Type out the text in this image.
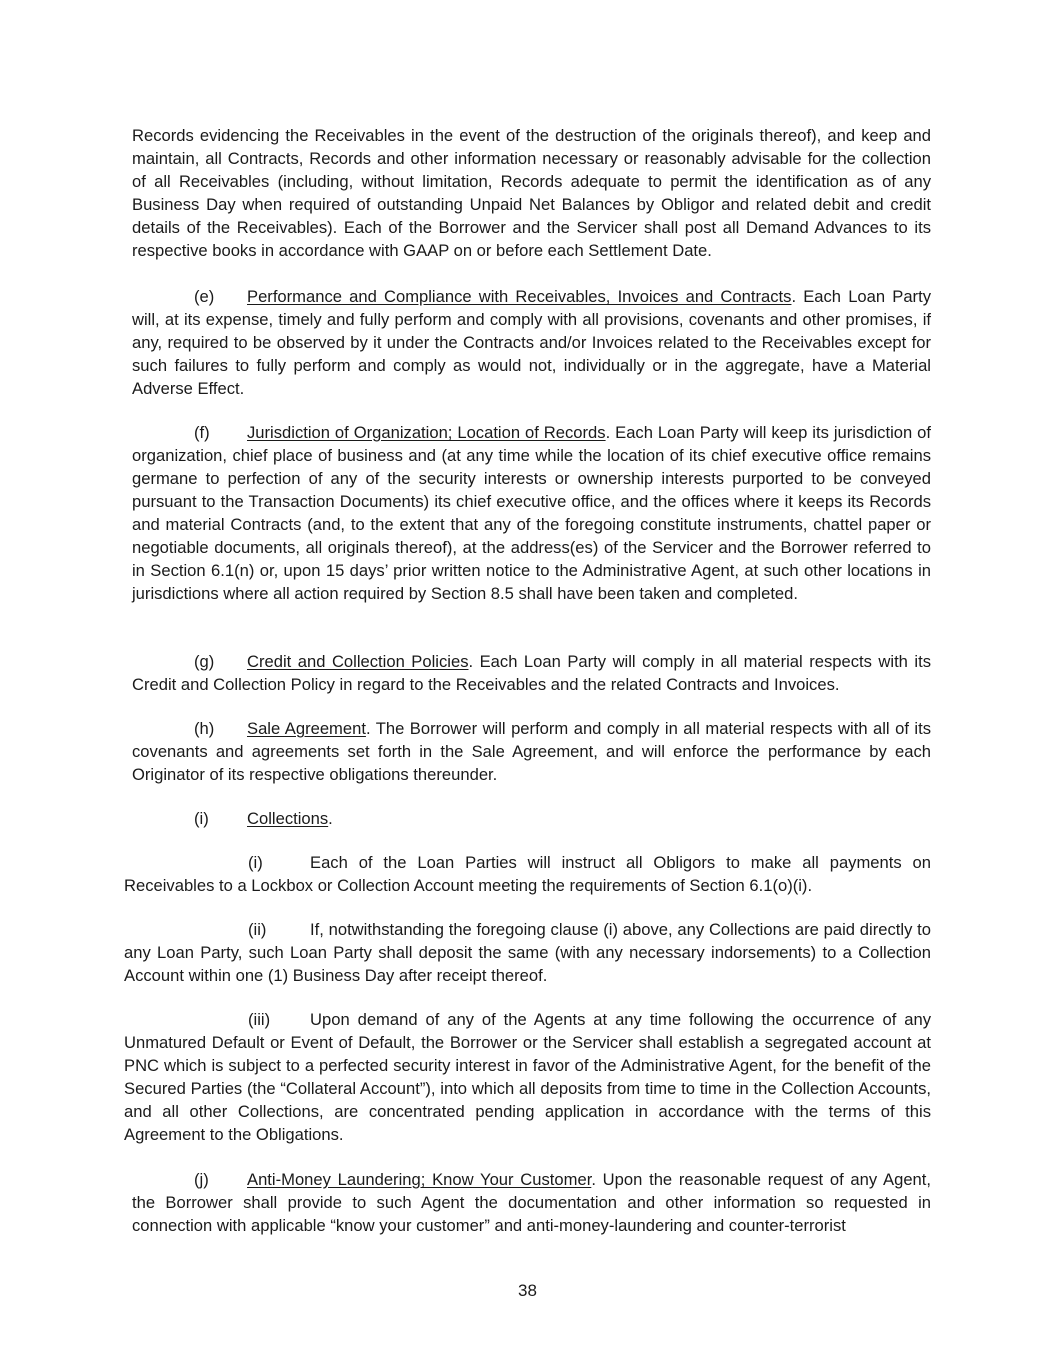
Records evidencing the Receivables in the event of the destruction of the originals thereof), and keep and maintain, all Contracts, Records and other information necessary or reasonably advisable for the collection of all Receivables (including, without limitation, Records adequate to permit the identification as of any Business Day when required of outstanding Unpaid Net Balances by Obligor and related debit and credit details of the Receivables). Each of the Borrower and the Servicer shall post all Demand Advances to its respective books in accordance with GAAP on or before each Settlement Date.

(e) Performance and Compliance with Receivables, Invoices and Contracts. Each Loan Party will, at its expense, timely and fully perform and comply with all provisions, covenants and other promises, if any, required to be observed by it under the Contracts and/or Invoices related to the Receivables except for such failures to fully perform and comply as would not, individually or in the aggregate, have a Material Adverse Effect.

(f) Jurisdiction of Organization; Location of Records. Each Loan Party will keep its jurisdiction of organization, chief place of business and (at any time while the location of its chief executive office remains germane to perfection of any of the security interests or ownership interests purported to be conveyed pursuant to the Transaction Documents) its chief executive office, and the offices where it keeps its Records and material Contracts (and, to the extent that any of the foregoing constitute instruments, chattel paper or negotiable documents, all originals thereof), at the address(es) of the Servicer and the Borrower referred to in Section 6.1(n) or, upon 15 days’ prior written notice to the Administrative Agent, at such other locations in jurisdictions where all action required by Section 8.5 shall have been taken and completed.

(g) Credit and Collection Policies. Each Loan Party will comply in all material respects with its Credit and Collection Policy in regard to the Receivables and the related Contracts and Invoices.

(h) Sale Agreement. The Borrower will perform and comply in all material respects with all of its covenants and agreements set forth in the Sale Agreement, and will enforce the performance by each Originator of its respective obligations thereunder.

(i) Collections.

(i)	Each of the Loan Parties will instruct all Obligors to make all payments on Receivables to a Lockbox or Collection Account meeting the requirements of Section 6.1(o)(i).

(ii)	If, notwithstanding the foregoing clause (i) above, any Collections are paid directly to any Loan Party, such Loan Party shall deposit the same (with any necessary indorsements) to a Collection Account within one (1) Business Day after receipt thereof.

(iii) Upon demand of any of the Agents at any time following the occurrence of any Unmatured Default or Event of Default, the Borrower or the Servicer shall establish a segregated account at PNC which is subject to a perfected security interest in favor of the Administrative Agent, for the benefit of the Secured Parties (the “Collateral Account”), into which all deposits from time to time in the Collection Accounts, and all other Collections, are concentrated pending application in accordance with the terms of this Agreement to the Obligations.

(j) Anti-Money Laundering; Know Your Customer. Upon the reasonable request of any Agent, the Borrower shall provide to such Agent the documentation and other information so requested in connection with applicable “know your customer” and anti-money-laundering and counter-terrorist

38
